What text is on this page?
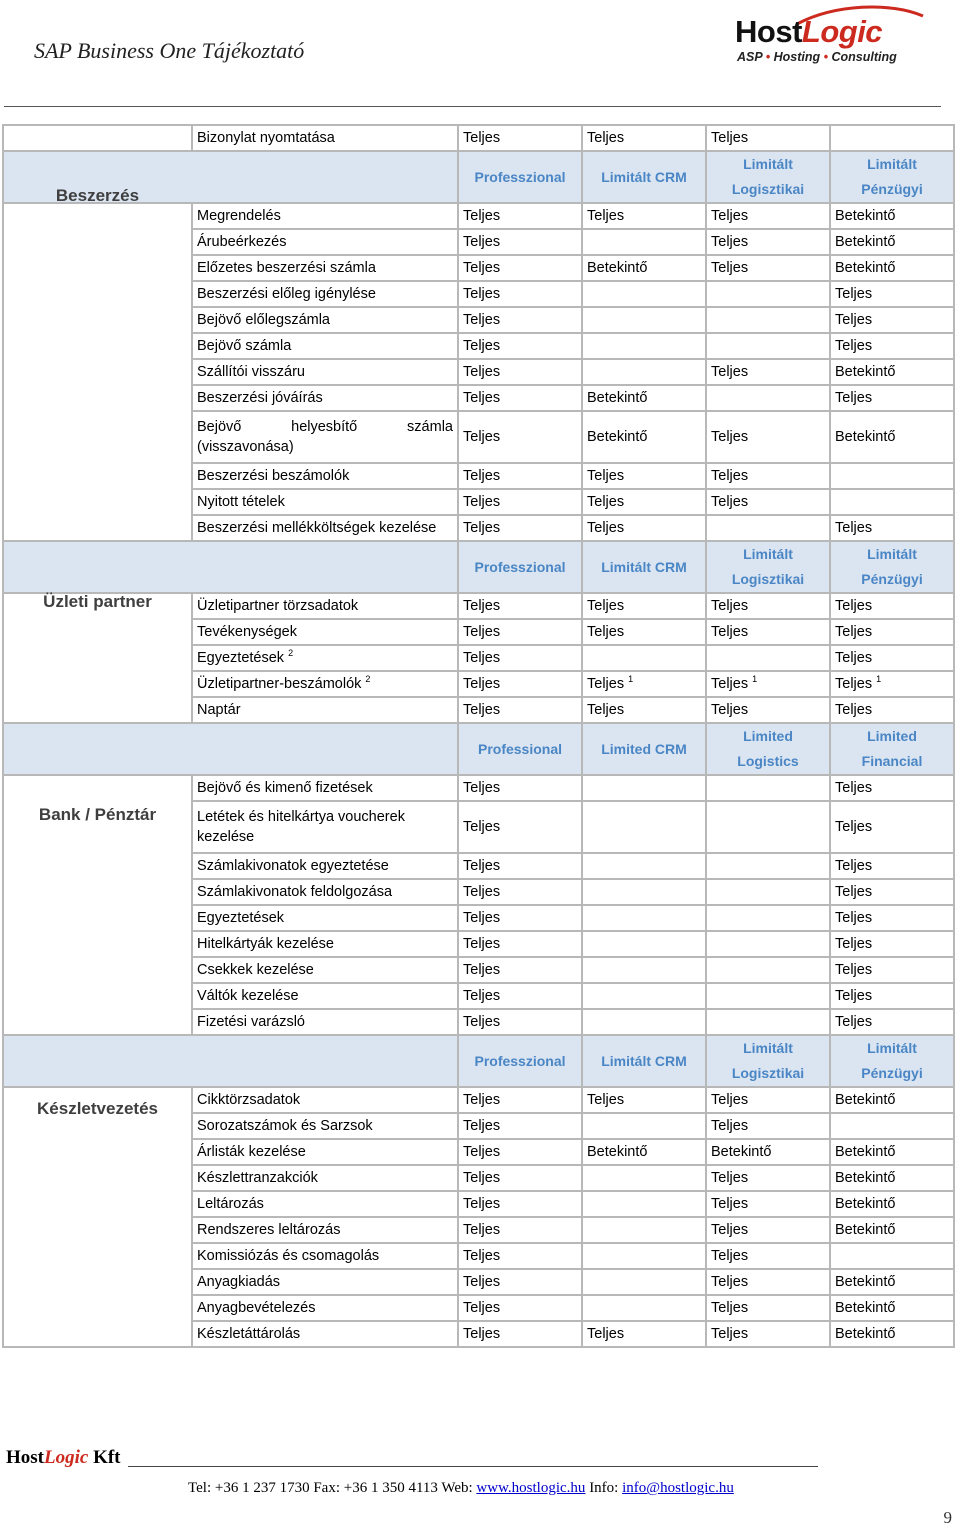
SAP Business One Tájékoztató
HostLogic
ASP • Hosting • Consulting
	Bizonylat nyomtatása	Teljes	Teljes	Teljes	
		Professzional	Limitált CRM	Limitált Logisztikai	Limitált Pénzügyi
Beszerzés	Megrendelés	Teljes	Teljes	Teljes	Betekintő
	Árubeérkezés	Teljes		Teljes	Betekintő
	Előzetes beszerzési számla	Teljes	Betekintő	Teljes	Betekintő
	Beszerzési előleg igénylése	Teljes			Teljes
	Bejövő előlegszámla	Teljes			Teljes
	Bejövő számla	Teljes			Teljes
	Szállítói visszáru	Teljes		Teljes	Betekintő
	Beszerzési jóváírás	Teljes	Betekintő		Teljes

	Bejövő helyesbítő számla
(visszavonása)	Teljes	Betekintő	Teljes	Betekintő
	Beszerzési beszámolók	Teljes	Teljes	Teljes	
	Nyitott tételek	Teljes	Teljes	Teljes	
	Beszerzési mellékköltségek kezelése	Teljes	Teljes		Teljes
		Professzional	Limitált CRM	Limitált Logisztikai	Limitált Pénzügyi
Üzleti partner	Üzletipartner törzsadatok	Teljes	Teljes	Teljes	Teljes
	Tevékenységek	Teljes	Teljes	Teljes	Teljes
	Egyeztetések $^2$	Teljes			Teljes
	Üzletipartner-beszámolók $^2$	Teljes	Teljes $^1$	Teljes $^1$	Teljes $^1$
	Naptár	Teljes	Teljes	Teljes	Teljes
		Professional	Limited CRM	Limited Logistics	Limited Financial
Bank / Pénztár	Bejövő és kimenő fizetések	Teljes			Teljes

	Letétek és hitelkártya voucherek
kezelése	Teljes			Teljes
	Számlakivonatok egyeztetése	Teljes			Teljes
	Számlakivonatok feldolgozása	Teljes			Teljes
	Egyeztetések	Teljes			Teljes
	Hitelkártyák kezelése	Teljes			Teljes
	Csekkek kezelése	Teljes			Teljes
	Váltók kezelése	Teljes			Teljes
	Fizetési varázsló	Teljes			Teljes
		Professzional	Limitált CRM	Limitált Logisztikai	Limitált Pénzügyi
Készletvezetés	Cikktörzsadatok	Teljes	Teljes	Teljes	Betekintő
	Sorozatszámok és Sarzsok	Teljes		Teljes	
	Árlisták kezelése	Teljes	Betekintő	Betekintő	Betekintő
	Készlettranzakciók	Teljes		Teljes	Betekintő
	Leltározás	Teljes		Teljes	Betekintő
	Rendszeres leltározás	Teljes		Teljes	Betekintő
	Komissiózás és csomagolás	Teljes		Teljes	
	Anyagkiadás	Teljes		Teljes	Betekintő
	Anyagbevételezés	Teljes		Teljes	Betekintő
	Készletáttárolás	Teljes	Teljes	Teljes	Betekintő
HostLogic Kft
Tel: +36 1 237 1730 Fax: +36 1 350 4113 Web: www.hostlogic.hu Info: info@hostlogic.hu
9
